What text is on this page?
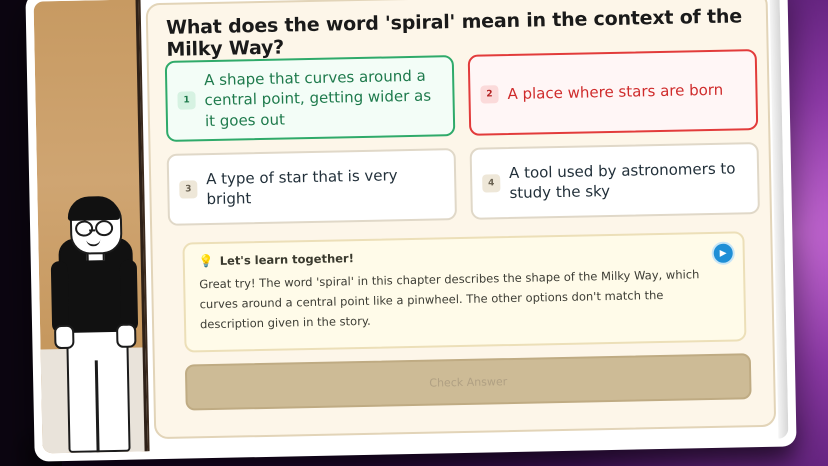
What does the word 'spiral' mean in the context of the Milky Way?
1
A shape that curves around a central point, getting wider as it goes out
2 A place where stars are born
3
A type of star that is very bright
4
A tool used by astronomers to study the sky
💡 Let's learn together!
Great try! The word 'spiral' in this chapter describes the shape of the Milky Way, which curves around a central point like a pinwheel. The other options don't match the description given in the story.
▶
Check Answer
